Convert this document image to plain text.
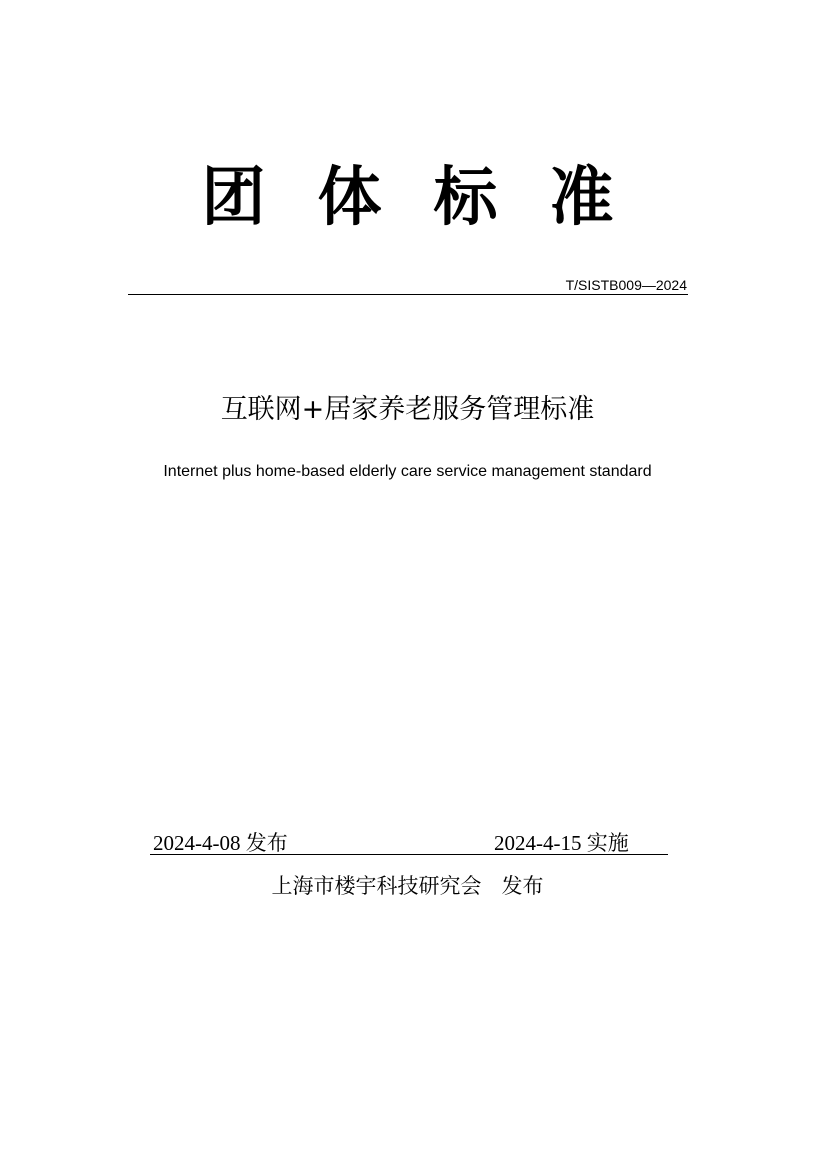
团体标准
T/SISTB009—2024
互联网+居家养老服务管理标准
Internet plus home-based elderly care service management standard
2024-4-08 发布	2024-4-15 实施
上海市楼宇科技研究会   发布
